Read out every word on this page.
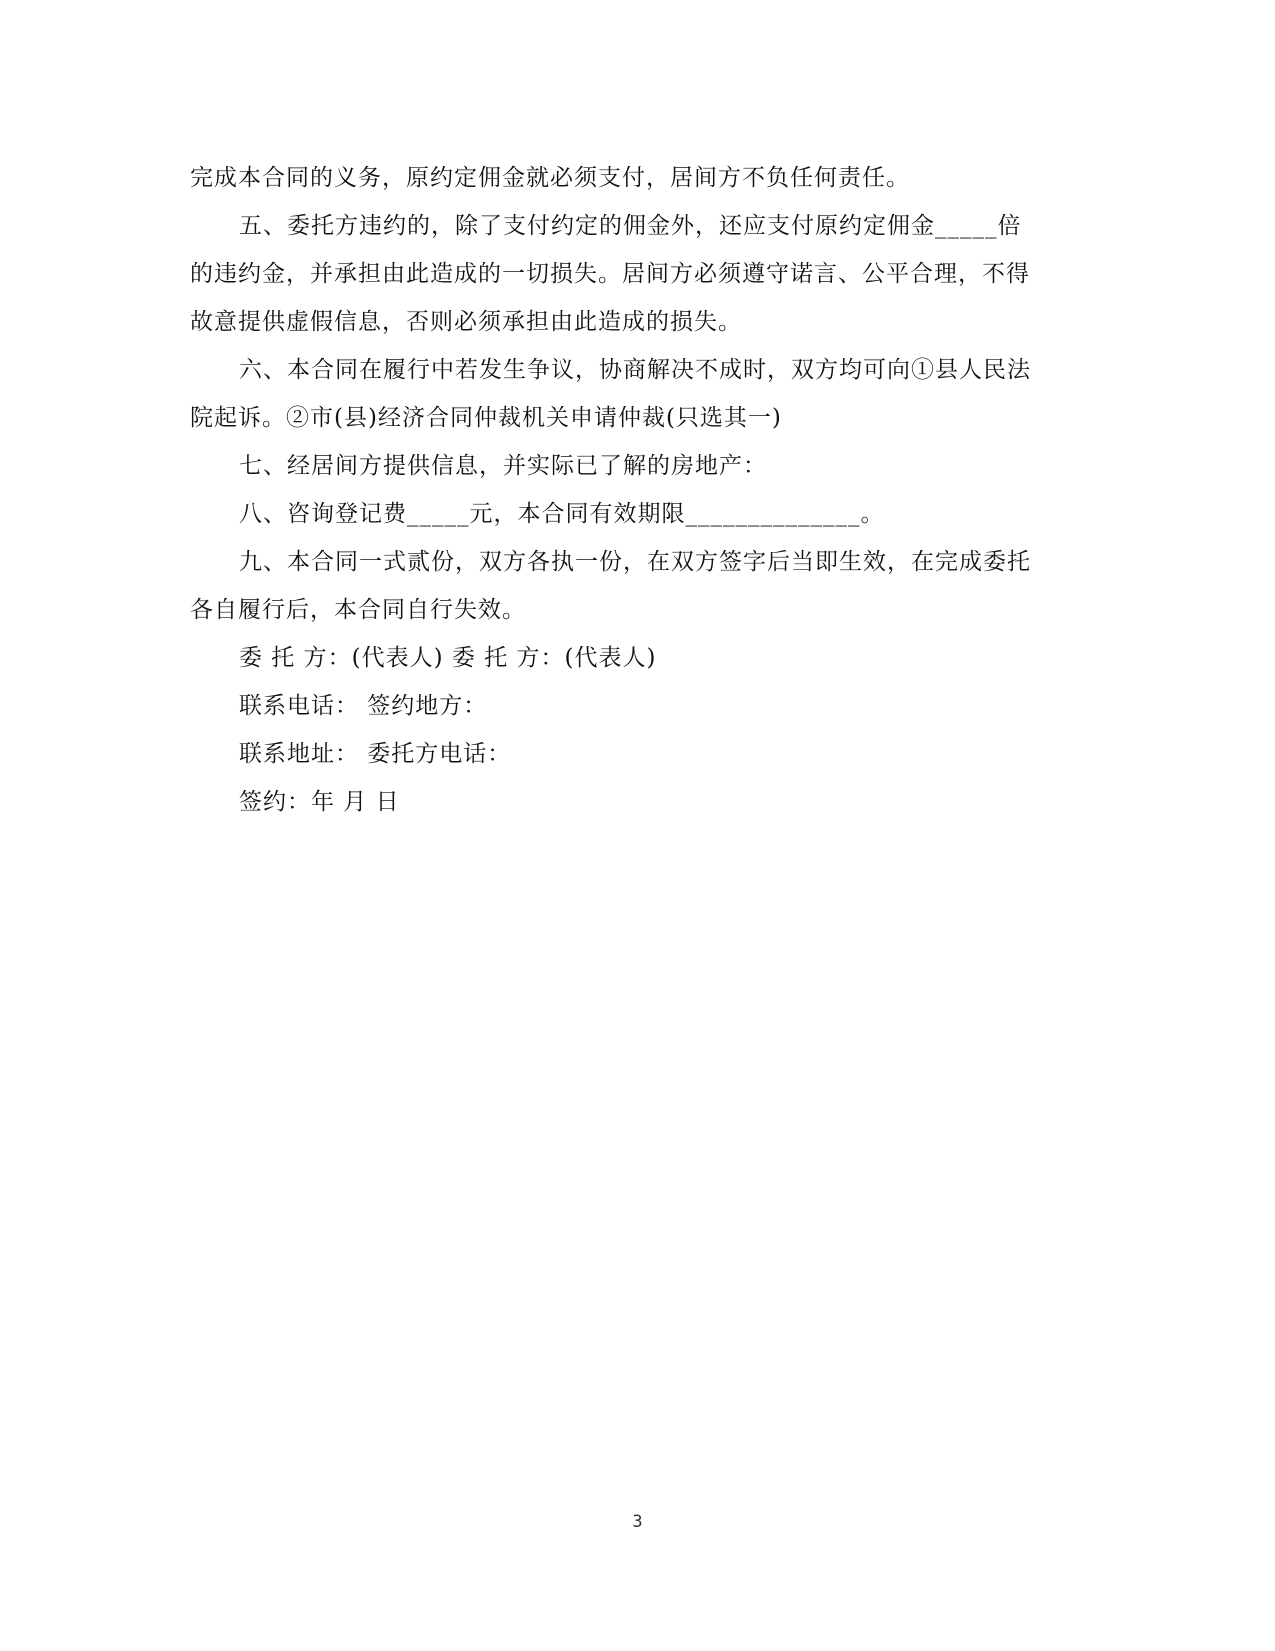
完成本合同的义务，原约定佣金就必须支付，居间方不负任何责任。
五、委托方违约的，除了支付约定的佣金外，还应支付原约定佣金_____倍
的违约金，并承担由此造成的一切损失。居间方必须遵守诺言、公平合理，不得
故意提供虚假信息，否则必须承担由此造成的损失。
六、本合同在履行中若发生争议，协商解决不成时，双方均可向①县人民法
院起诉。②市(县)经济合同仲裁机关申请仲裁(只选其一)
七、经居间方提供信息，并实际已了解的房地产：
八、咨询登记费_____元，本合同有效期限______________。
九、本合同一式贰份，双方各执一份，在双方签字后当即生效，在完成委托
各自履行后，本合同自行失效。
委 托 方：(代表人) 委 托 方：(代表人)
联系电话： 签约地方：
联系地址： 委托方电话：
签约：年 月 日
3
